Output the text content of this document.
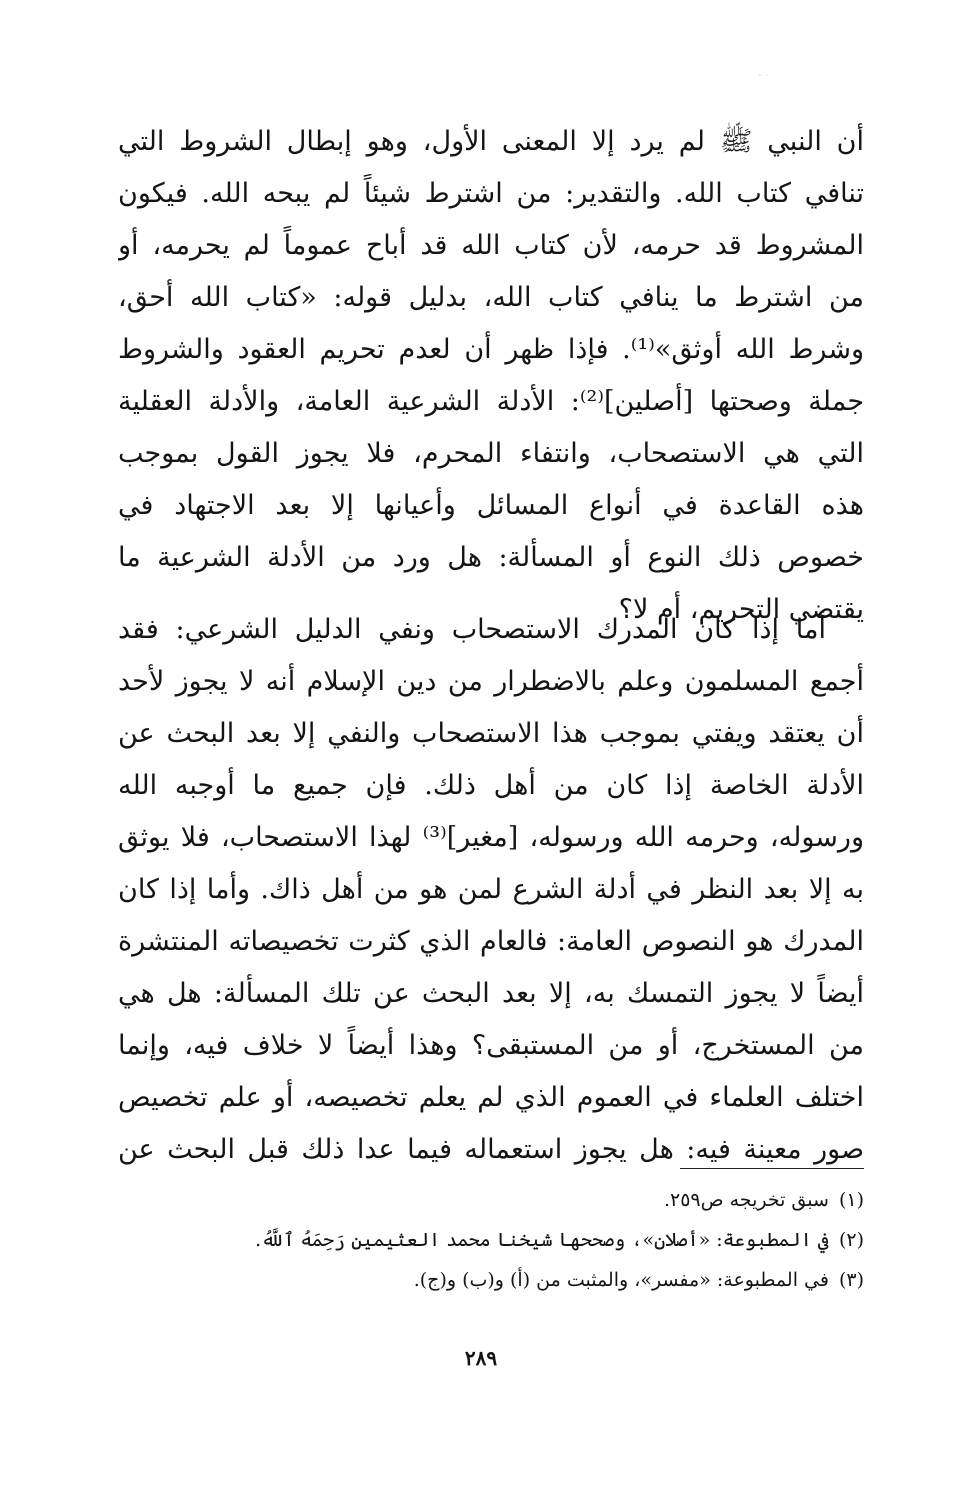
·· ·
أن النبي ﷺ لم يرد إلا المعنى الأول، وهو إبطال الشروط التي
تنافي كتاب الله. والتقدير: من اشترط شيئاً لم يبحه الله. فيكون
المشروط قد حرمه، لأن كتاب الله قد أباح عموماً لم يحرمه، أو
من اشترط ما ينافي كتاب الله، بدليل قوله: «كتاب الله أحق،
وشرط الله أوثق»⁽¹⁾. فإذا ظهر أن لعدم تحريم العقود والشروط
جملة وصحتها [أصلين]⁽²⁾: الأدلة الشرعية العامة، والأدلة العقلية
التي هي الاستصحاب، وانتفاء المحرم، فلا يجوز القول بموجب
هذه القاعدة في أنواع المسائل وأعيانها إلا بعد الاجتهاد في
خصوص ذلك النوع أو المسألة: هل ورد من الأدلة الشرعية ما
يقتضي التحريم، أم لا؟
أما إذا كان المدرك الاستصحاب ونفي الدليل الشرعي: فقد
أجمع المسلمون وعلم بالاضطرار من دين الإسلام أنه لا يجوز لأحد
أن يعتقد ويفتي بموجب هذا الاستصحاب والنفي إلا بعد البحث عن
الأدلة الخاصة إذا كان من أهل ذلك. فإن جميع ما أوجبه الله
ورسوله، وحرمه الله ورسوله، [مغير]⁽³⁾ لهذا الاستصحاب، فلا يوثق
به إلا بعد النظر في أدلة الشرع لمن هو من أهل ذاك. وأما إذا كان
المدرك هو النصوص العامة: فالعام الذي كثرت تخصيصاته المنتشرة
أيضاً لا يجوز التمسك به، إلا بعد البحث عن تلك المسألة: هل هي
من المستخرج، أو من المستبقى؟ وهذا أيضاً لا خلاف فيه، وإنما
اختلف العلماء في العموم الذي لم يعلم تخصيصه، أو علم تخصيص
صور معينة فيه: هل يجوز استعماله فيما عدا ذلك قبل البحث عن
(١)سبق تخريجه ص٢٥٩.
(٢)في المطبوعة: «أصلان»، وصححها شيخنا محمد العثيمين رَحِمَهُ ٱللَّهُ.
(٣)في المطبوعة: «مفسر»، والمثبت من (أ) و(ب) و(ج).
٢٨٩
